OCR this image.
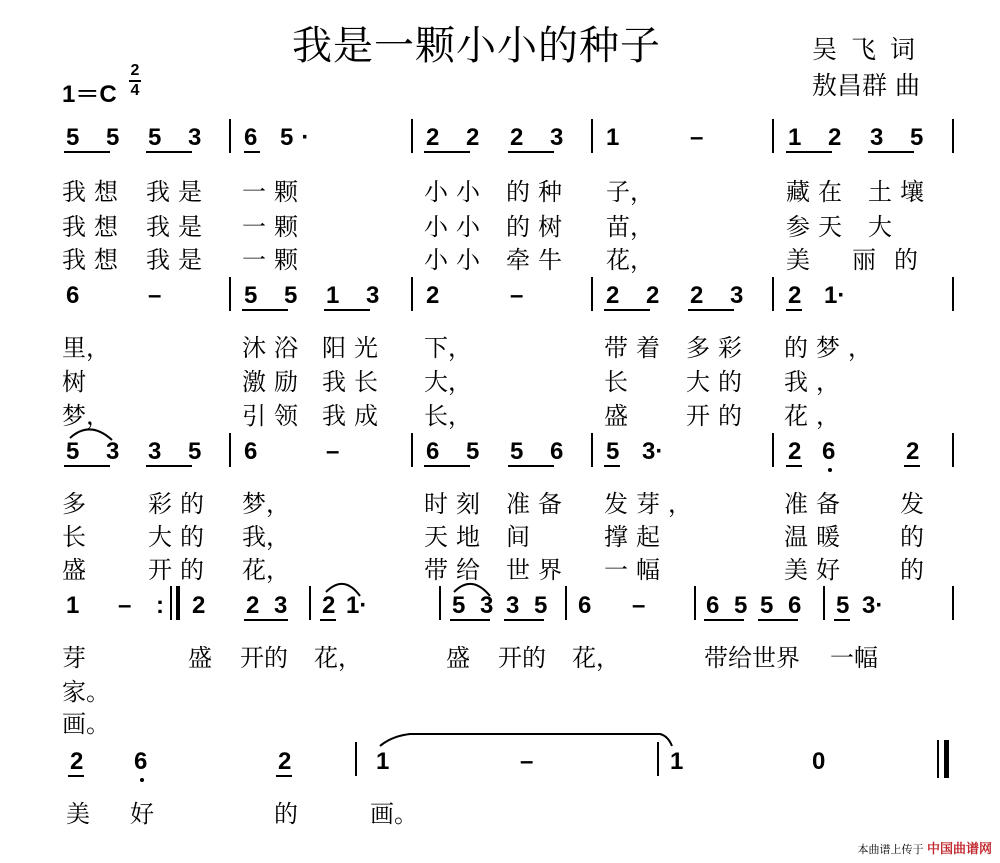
我是一颗小小的种子	吴飞词
敖昌群 曲
1＝C
2
4
5 5 5 3 6 5·	2 2 2 3 1	–	1 2 3 5
我想 我是 一颗	小小 的种 子，	藏在 土壤
我想 我是 一颗	小小 的树 苗，	参天 大
我想 我是 一颗	小小 牵牛 花，	美 丽的
6	–	5 5 1 3 2	–	2 2 2 3 2 1·
里，	沐浴 阳光 下，	带着 多彩 的梦，
树	激励 我长 大，	长 大的 我，
梦，	引领 我成 长，	盛 开的 花，
5 3 3 5 6	–	6 5 5 6 5 3·	2 6	2
多	彩的 梦，	时刻 准备 发芽，	准备 发
长	大的 我，	天地 间	撑起	温暖 的
盛	开的 花，	带给 世界 一幅	美好 的
1 – : 2 2 3 2 1·	5 3 3 5 6 –	6 5 5 6 5 3·
芽	盛 开的 花，	盛 开的 花，	带给世界 一幅
家。
画。
2 6	2	1	–	1	0
美 好	的	画。
本曲谱上传于 中国曲谱网
